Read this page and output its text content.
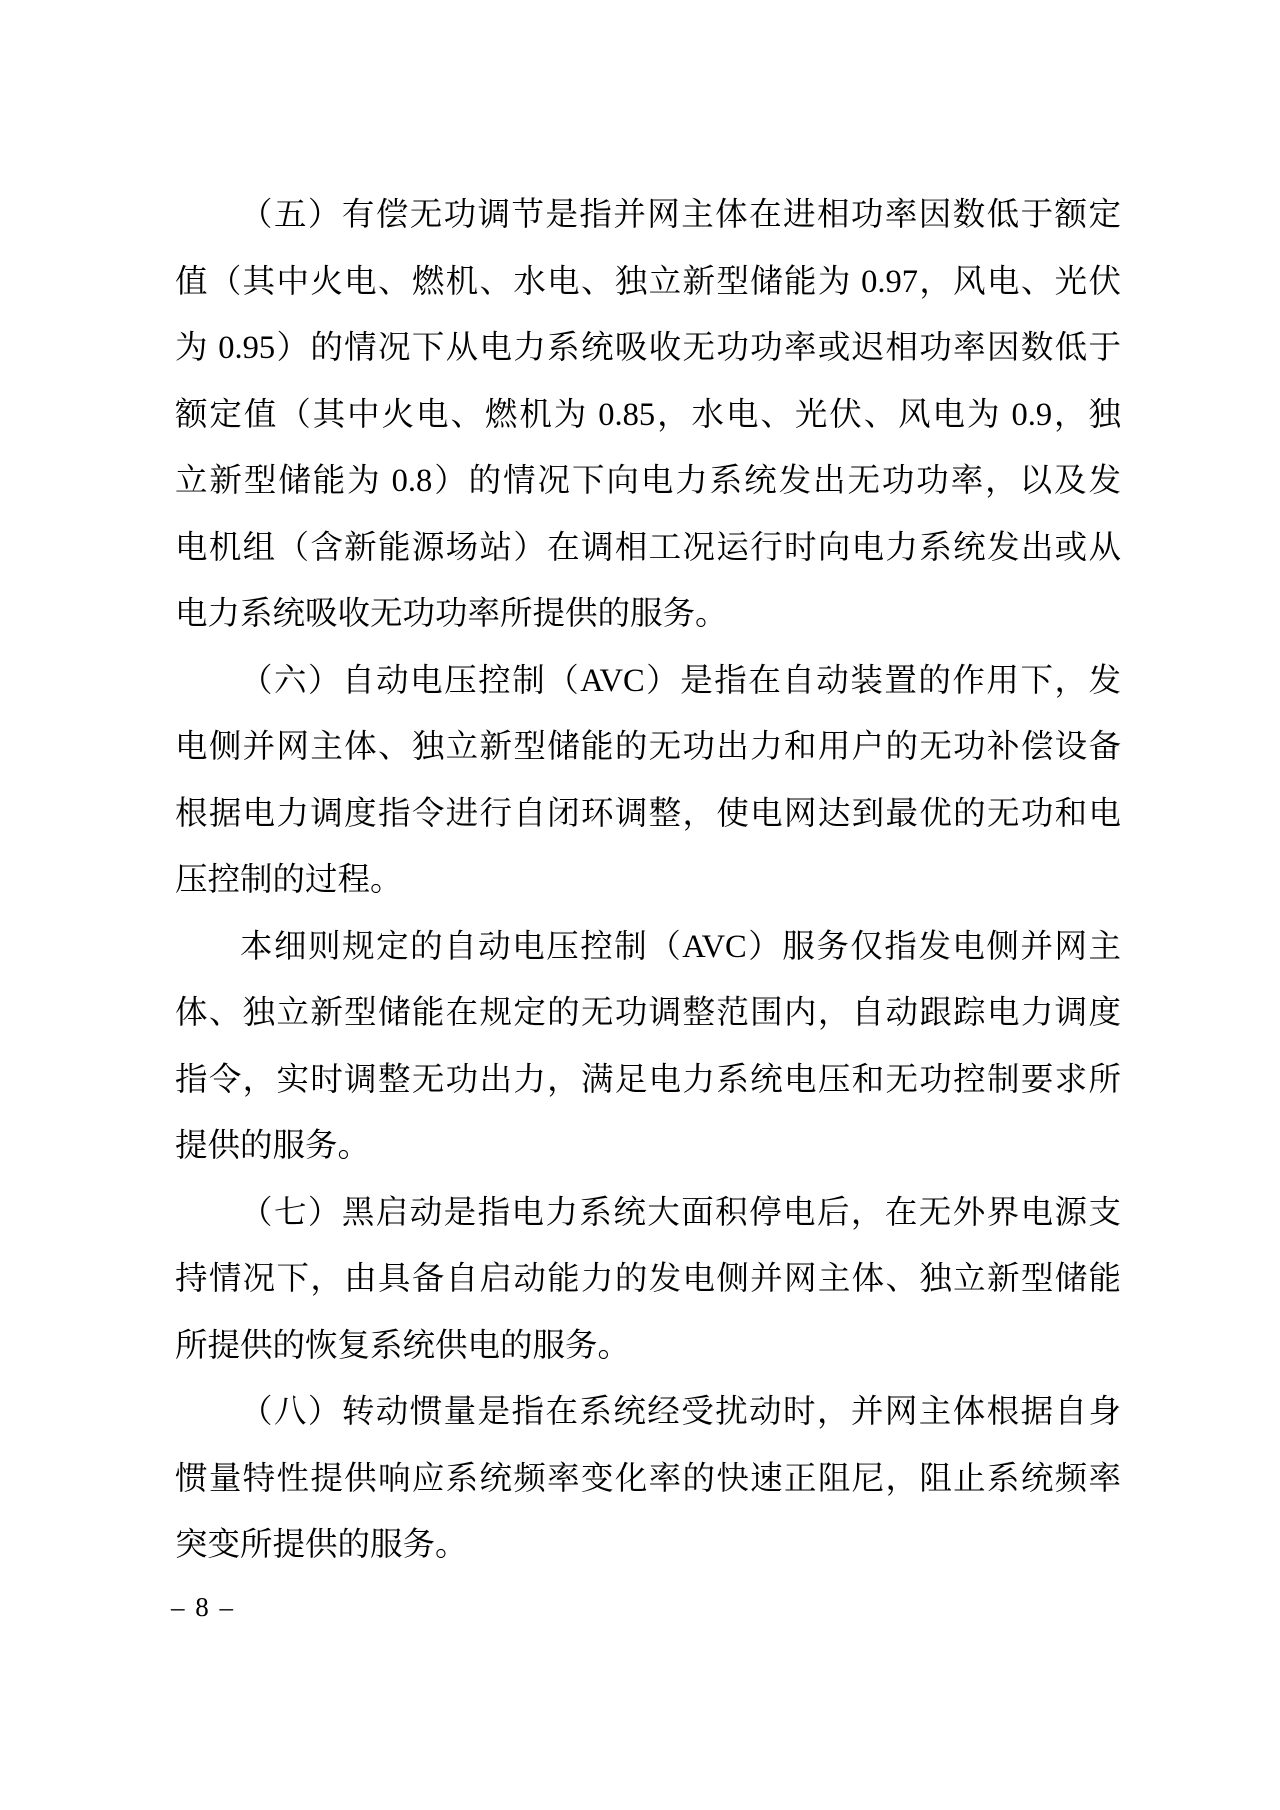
（五）有偿无功调节是指并网主体在进相功率因数低于额定
值（其中火电、燃机、水电、独立新型储能为 0.97，风电、光伏
为 0.95）的情况下从电力系统吸收无功功率或迟相功率因数低于
额定值（其中火电、燃机为 0.85，水电、光伏、风电为 0.9，独
立新型储能为 0.8）的情况下向电力系统发出无功功率，以及发
电机组（含新能源场站）在调相工况运行时向电力系统发出或从
电力系统吸收无功功率所提供的服务。
（六）自动电压控制（AVC）是指在自动装置的作用下，发
电侧并网主体、独立新型储能的无功出力和用户的无功补偿设备
根据电力调度指令进行自闭环调整，使电网达到最优的无功和电
压控制的过程。
本细则规定的自动电压控制（AVC）服务仅指发电侧并网主
体、独立新型储能在规定的无功调整范围内，自动跟踪电力调度
指令，实时调整无功出力，满足电力系统电压和无功控制要求所
提供的服务。
（七）黑启动是指电力系统大面积停电后，在无外界电源支
持情况下，由具备自启动能力的发电侧并网主体、独立新型储能
所提供的恢复系统供电的服务。
（八）转动惯量是指在系统经受扰动时，并网主体根据自身
惯量特性提供响应系统频率变化率的快速正阻尼，阻止系统频率
突变所提供的服务。
– 8 –
